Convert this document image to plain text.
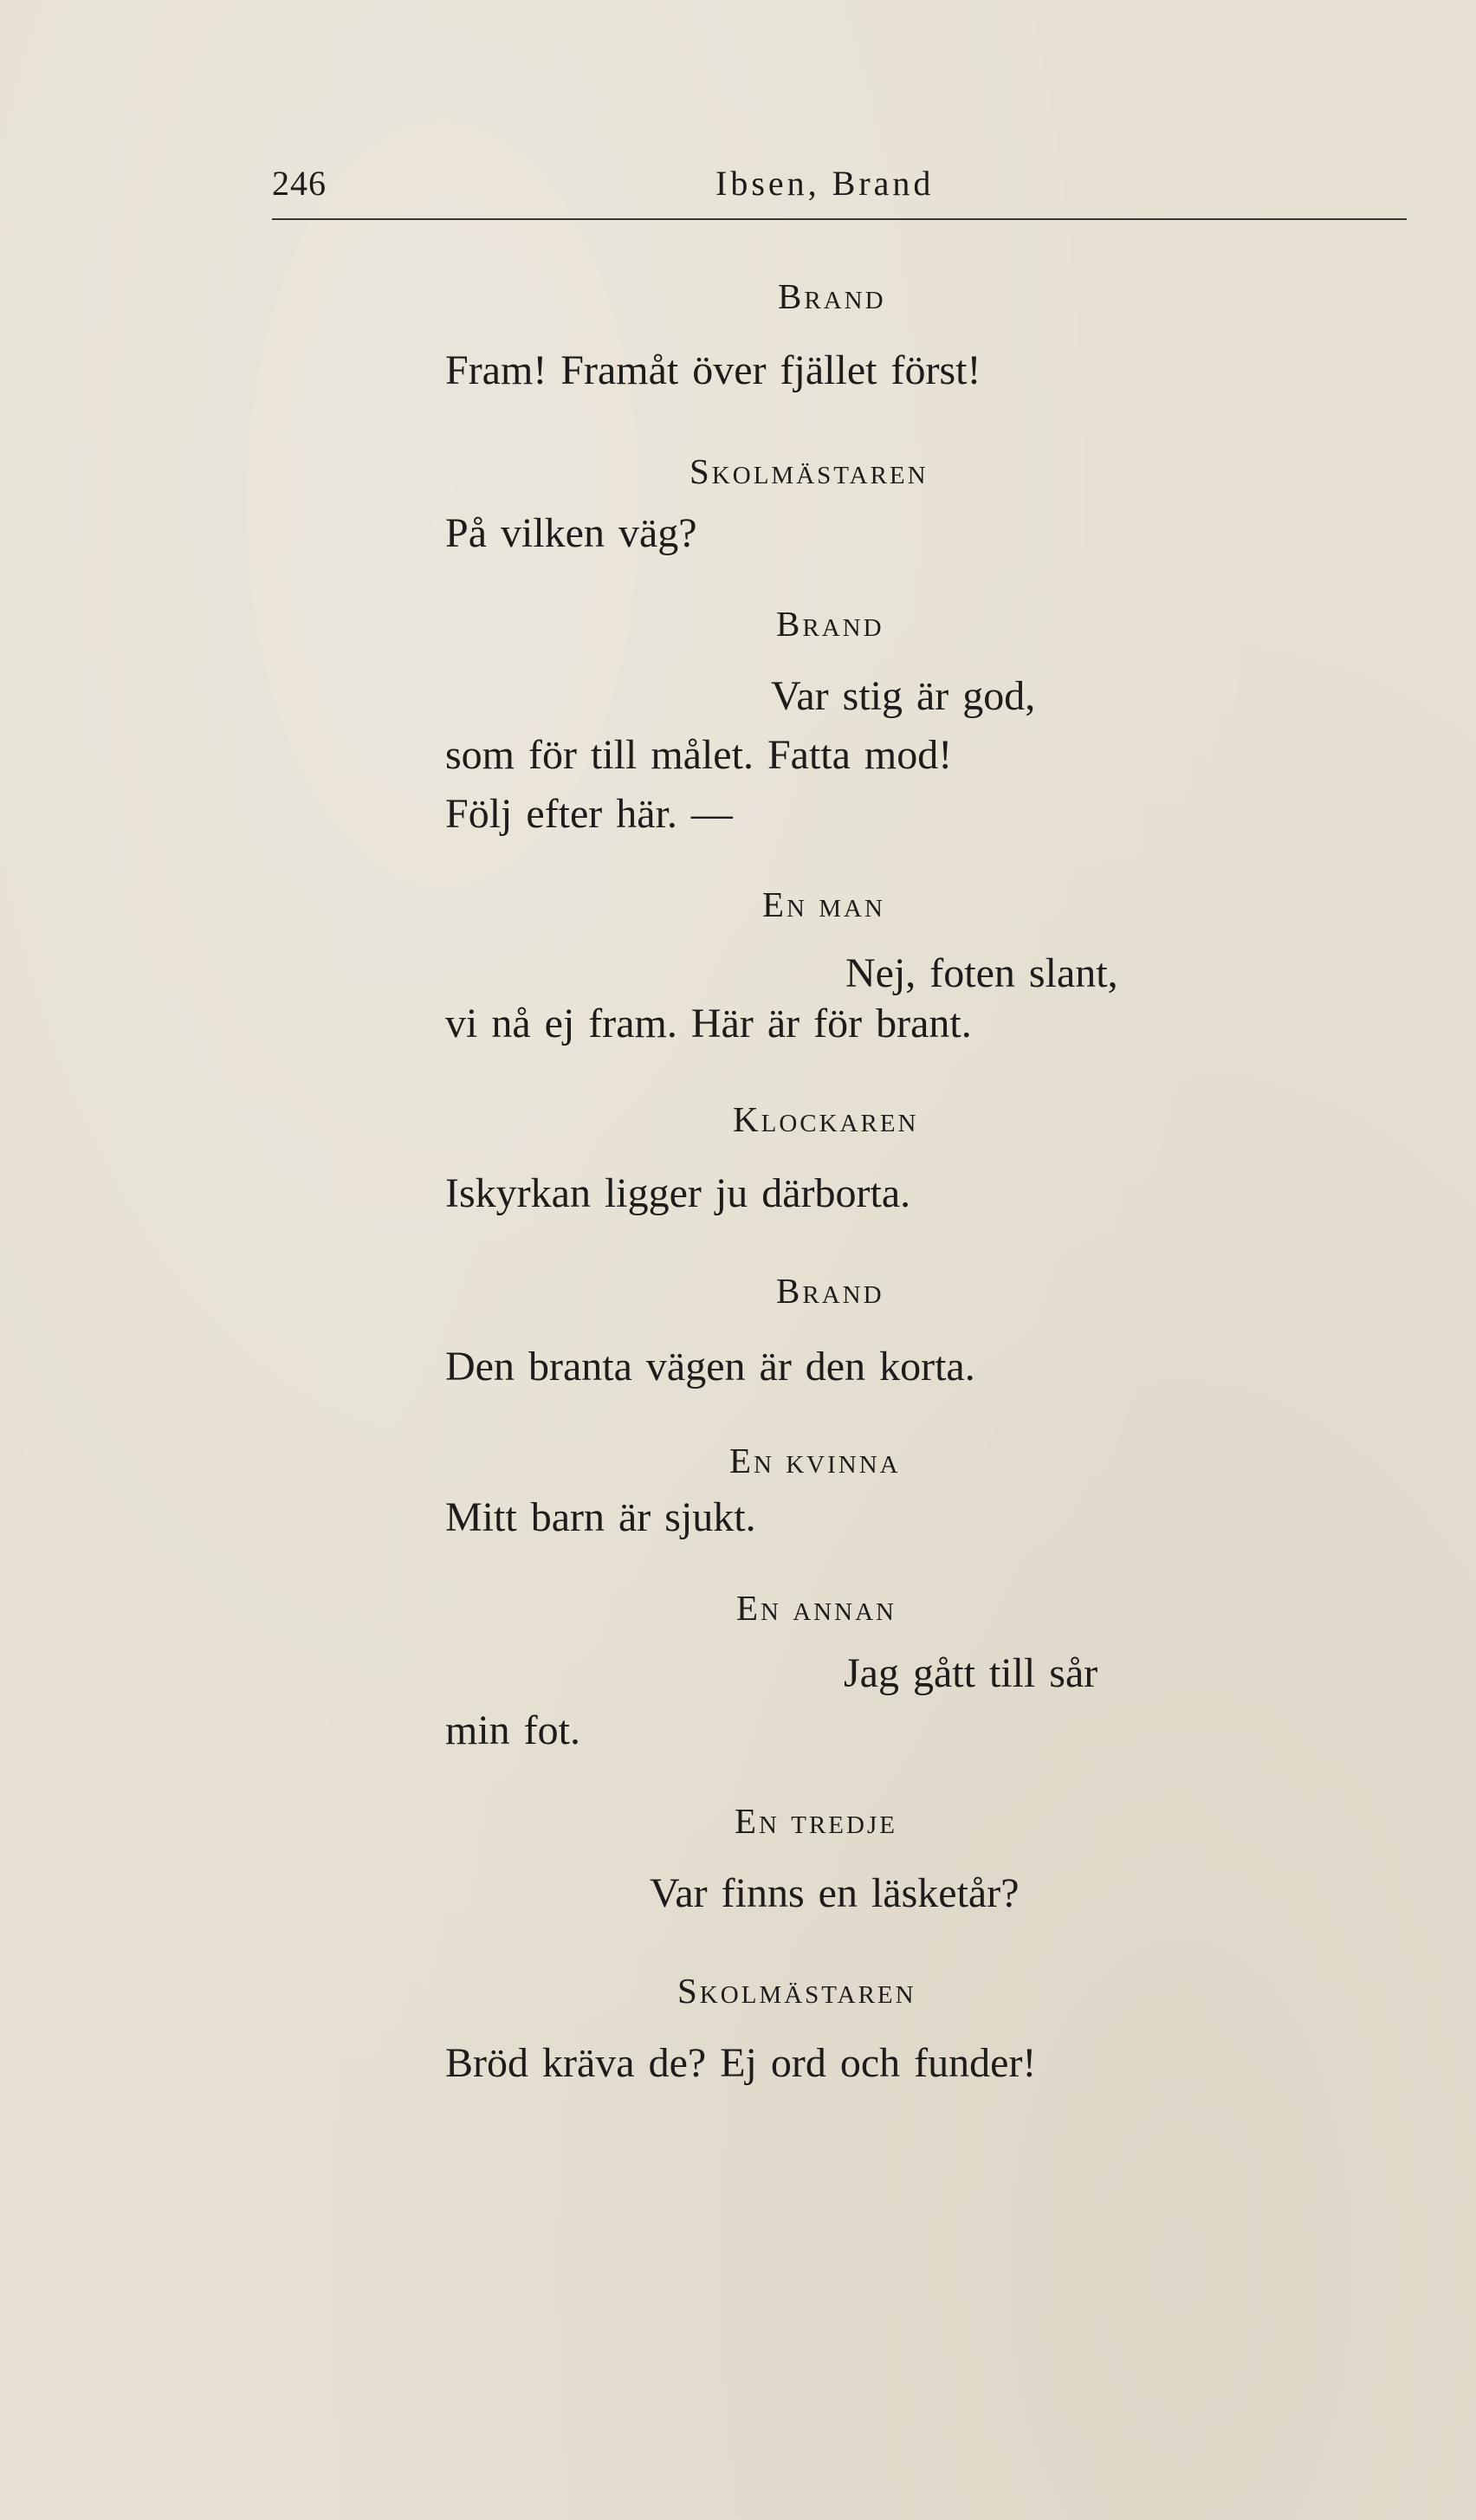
246	Ibsen, Brand
Brand
Fram! Framåt över fjället först!
Skolmästaren
På vilken väg?
Brand
Var stig är god,
som för till målet. Fatta mod!
Följ efter här. —
En man
Nej, foten slant,
vi nå ej fram. Här är för brant.
Klockaren
Iskyrkan ligger ju därborta.
Brand
Den branta vägen är den korta.
En kvinna
Mitt barn är sjukt.
En annan
Jag gått till sår
min fot.
En tredje
Var finns en läsketår?
Skolmästaren
Bröd kräva de? Ej ord och funder!
